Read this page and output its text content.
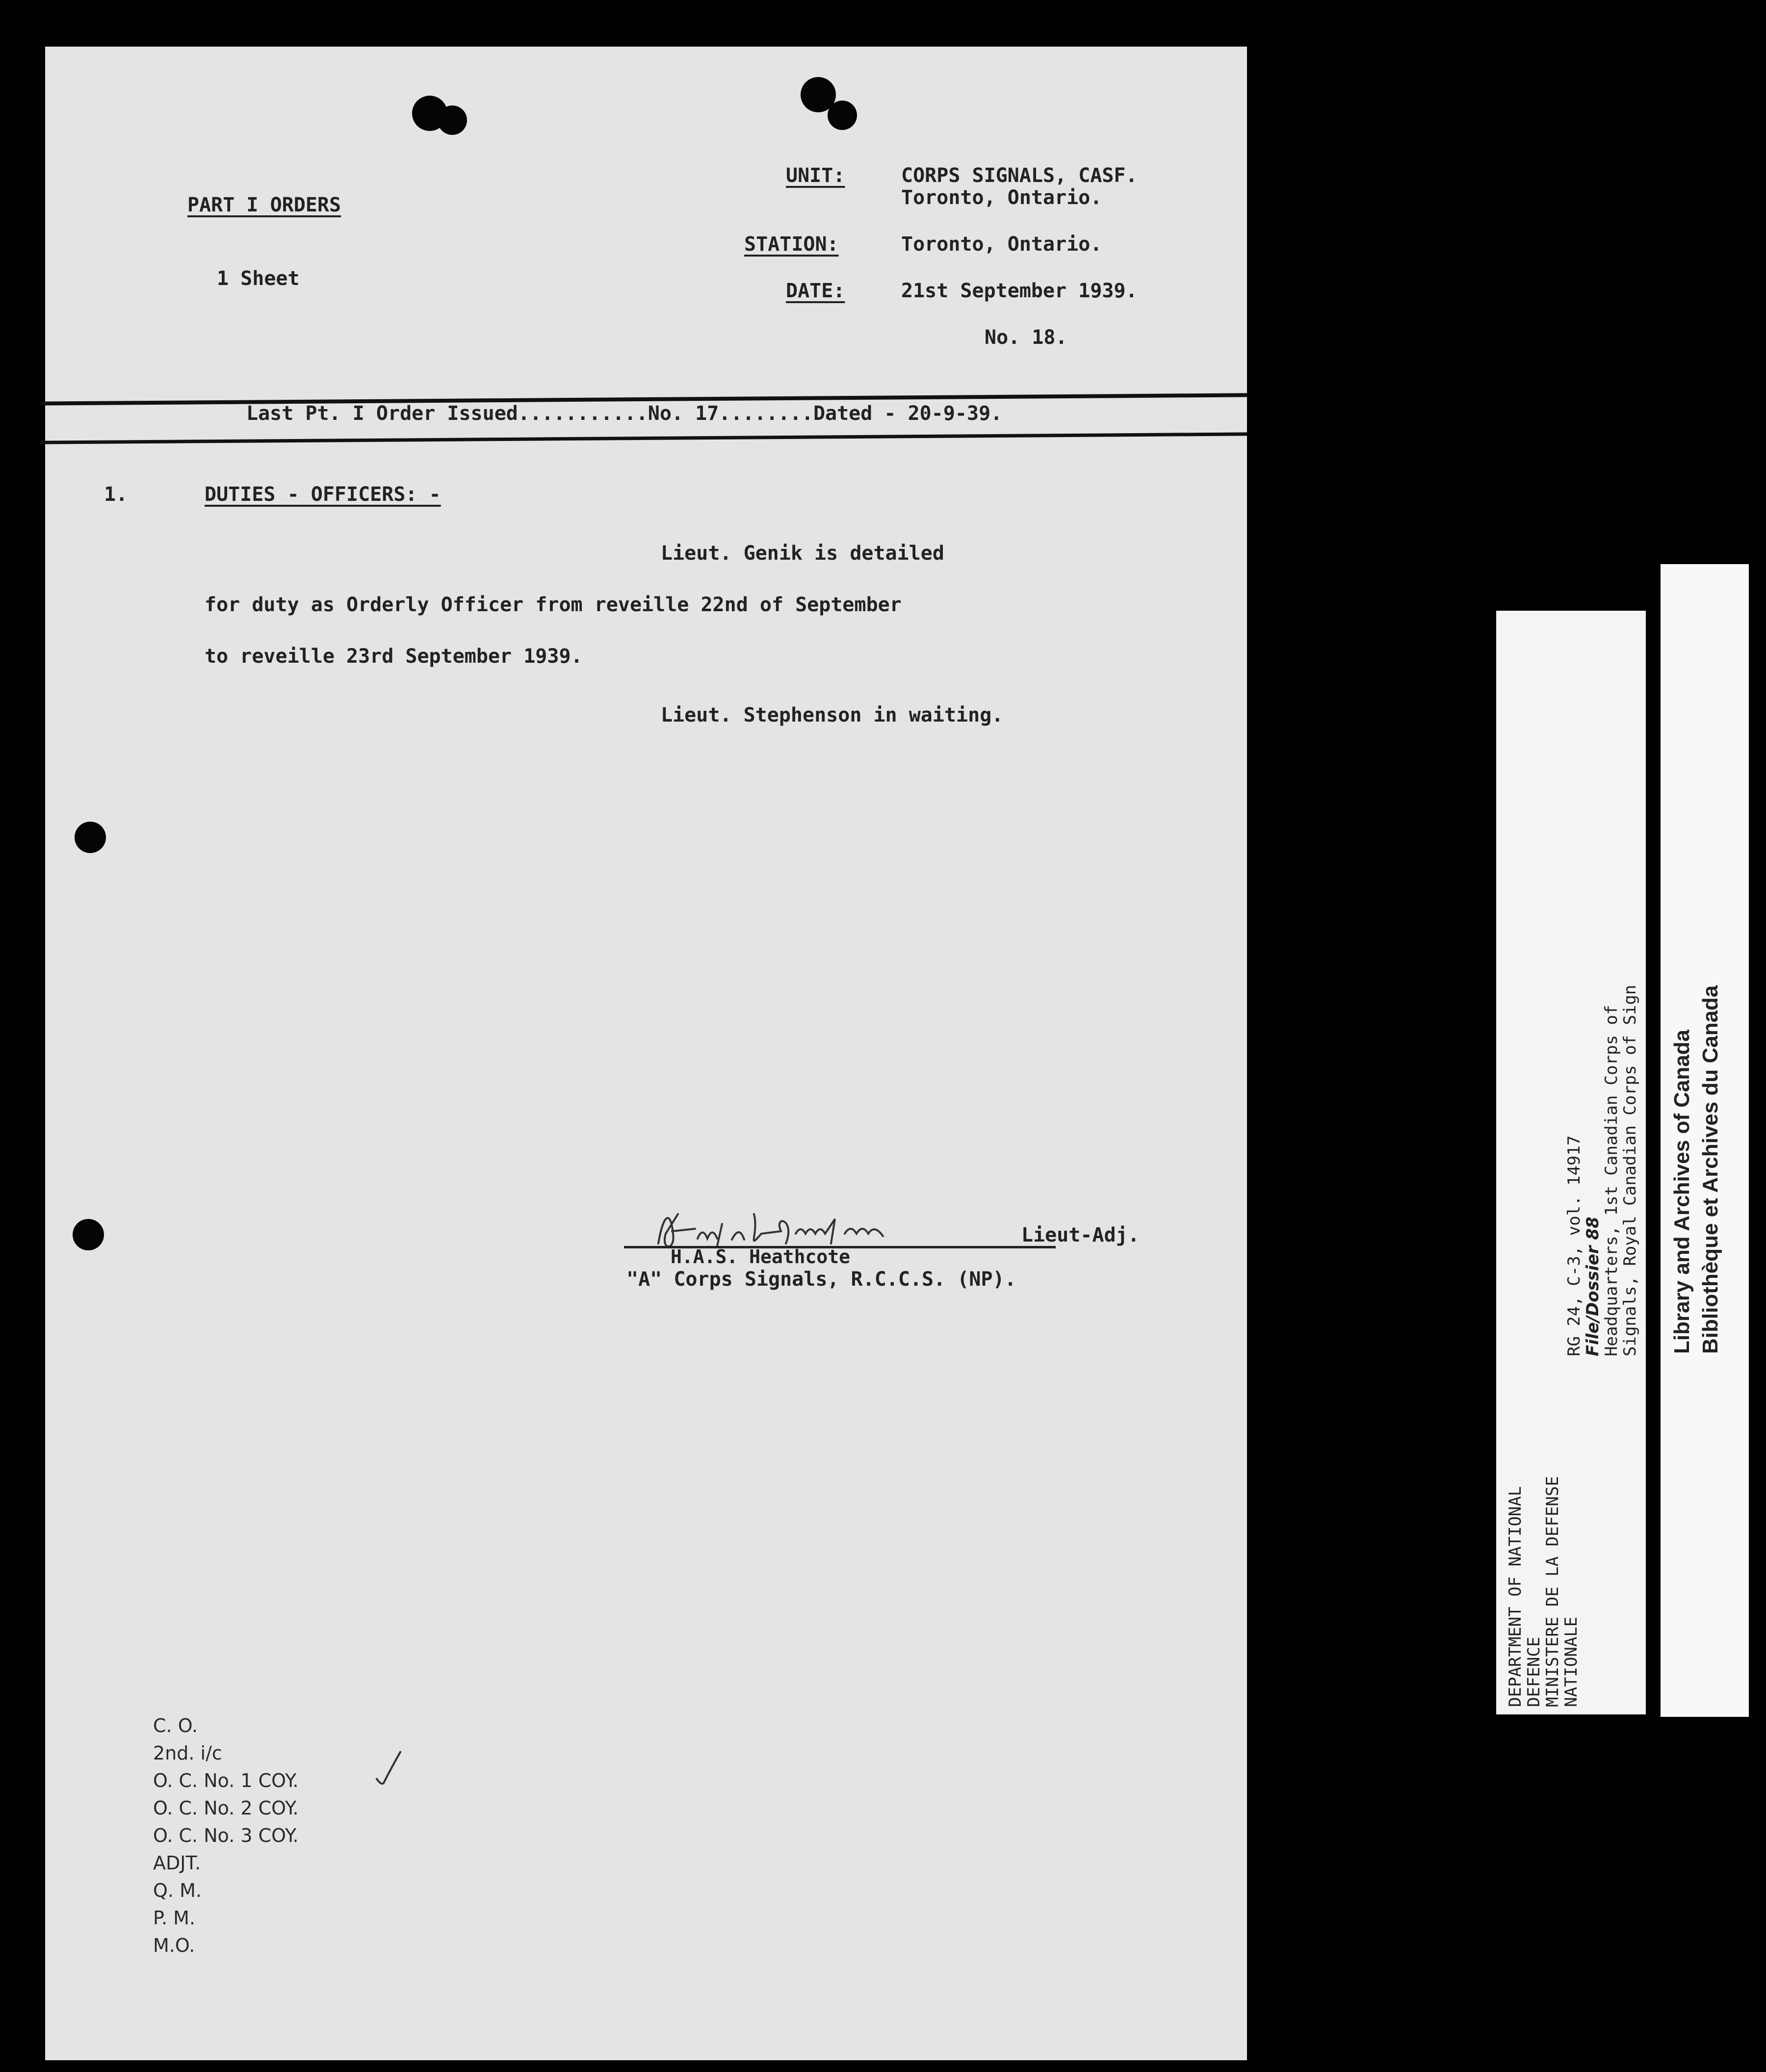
PART I ORDERS
1 Sheet
UNIT:	CORPS SIGNALS, CASF.
Toronto, Ontario.
STATION:	Toronto, Ontario.
DATE:	21st September 1939.
No. 18.
Last Pt. I Order Issued...........No. 17........Dated - 20-9-39.
1.	DUTIES - OFFICERS: -
Lieut. Genik is detailed
for duty as Orderly Officer from reveille 22nd of September
to reveille 23rd September 1939.
Lieut. Stephenson in waiting.
Lieut-Adj.
H.A.S. Heathcote
"A" Corps Signals, R.C.C.S. (NP).
C. O.
2nd. i/c
O. C. No. 1 COY.
O. C. No. 2 COY.
O. C. No. 3 COY.
ADJT.
Q. M.
P. M.
M.O.
DEPARTMENT OF NATIONAL
DEFENCE
MINISTERE DE LA DEFENSE
NATIONALE
RG 24, C-3, vol. 14917
File/Dossier 88
Headquarters, 1st Canadian Corps of
Signals, Royal Canadian Corps of Sign Library and Archives of Canada Bibliothèque et Archives du Canada
